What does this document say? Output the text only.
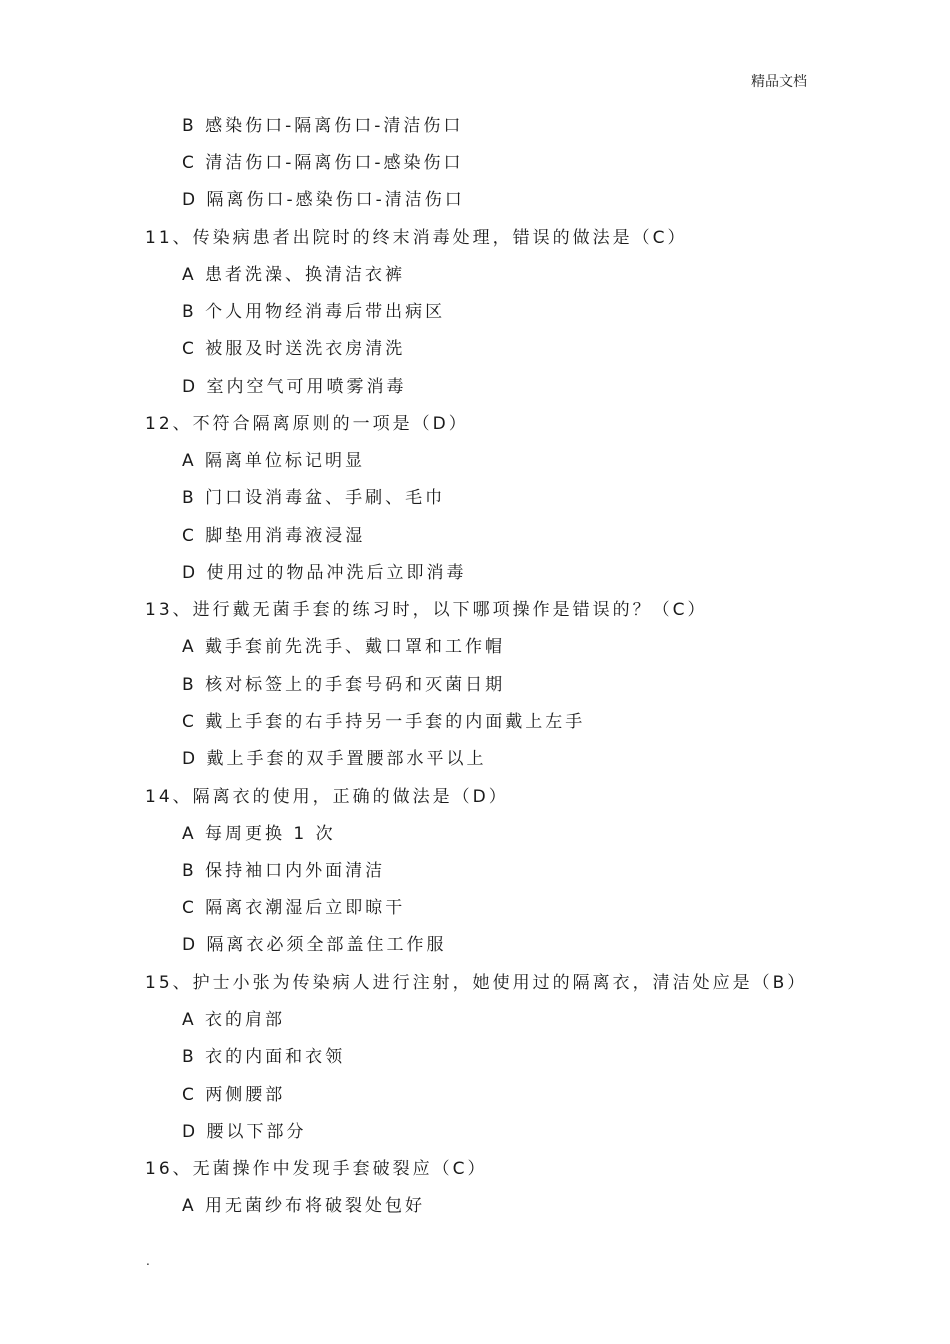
精品文档
B 感染伤口-隔离伤口-清洁伤口
C 清洁伤口-隔离伤口-感染伤口
D 隔离伤口-感染伤口-清洁伤口
11、传染病患者出院时的终末消毒处理，错误的做法是（C）
A 患者洗澡、换清洁衣裤
B 个人用物经消毒后带出病区
C 被服及时送洗衣房清洗
D 室内空气可用喷雾消毒
12、不符合隔离原则的一项是（D）
A 隔离单位标记明显
B 门口设消毒盆、手刷、毛巾
C 脚垫用消毒液浸湿
D 使用过的物品冲洗后立即消毒
13、进行戴无菌手套的练习时，以下哪项操作是错误的？（C）
A 戴手套前先洗手、戴口罩和工作帽
B 核对标签上的手套号码和灭菌日期
C 戴上手套的右手持另一手套的内面戴上左手
D 戴上手套的双手置腰部水平以上
14、隔离衣的使用，正确的做法是（D）
A 每周更换 1 次
B 保持袖口内外面清洁
C 隔离衣潮湿后立即晾干
D 隔离衣必须全部盖住工作服
15、护士小张为传染病人进行注射，她使用过的隔离衣，清洁处应是（B）
A 衣的肩部
B 衣的内面和衣领
C 两侧腰部
D 腰以下部分
16、无菌操作中发现手套破裂应（C）
A 用无菌纱布将破裂处包好
.
